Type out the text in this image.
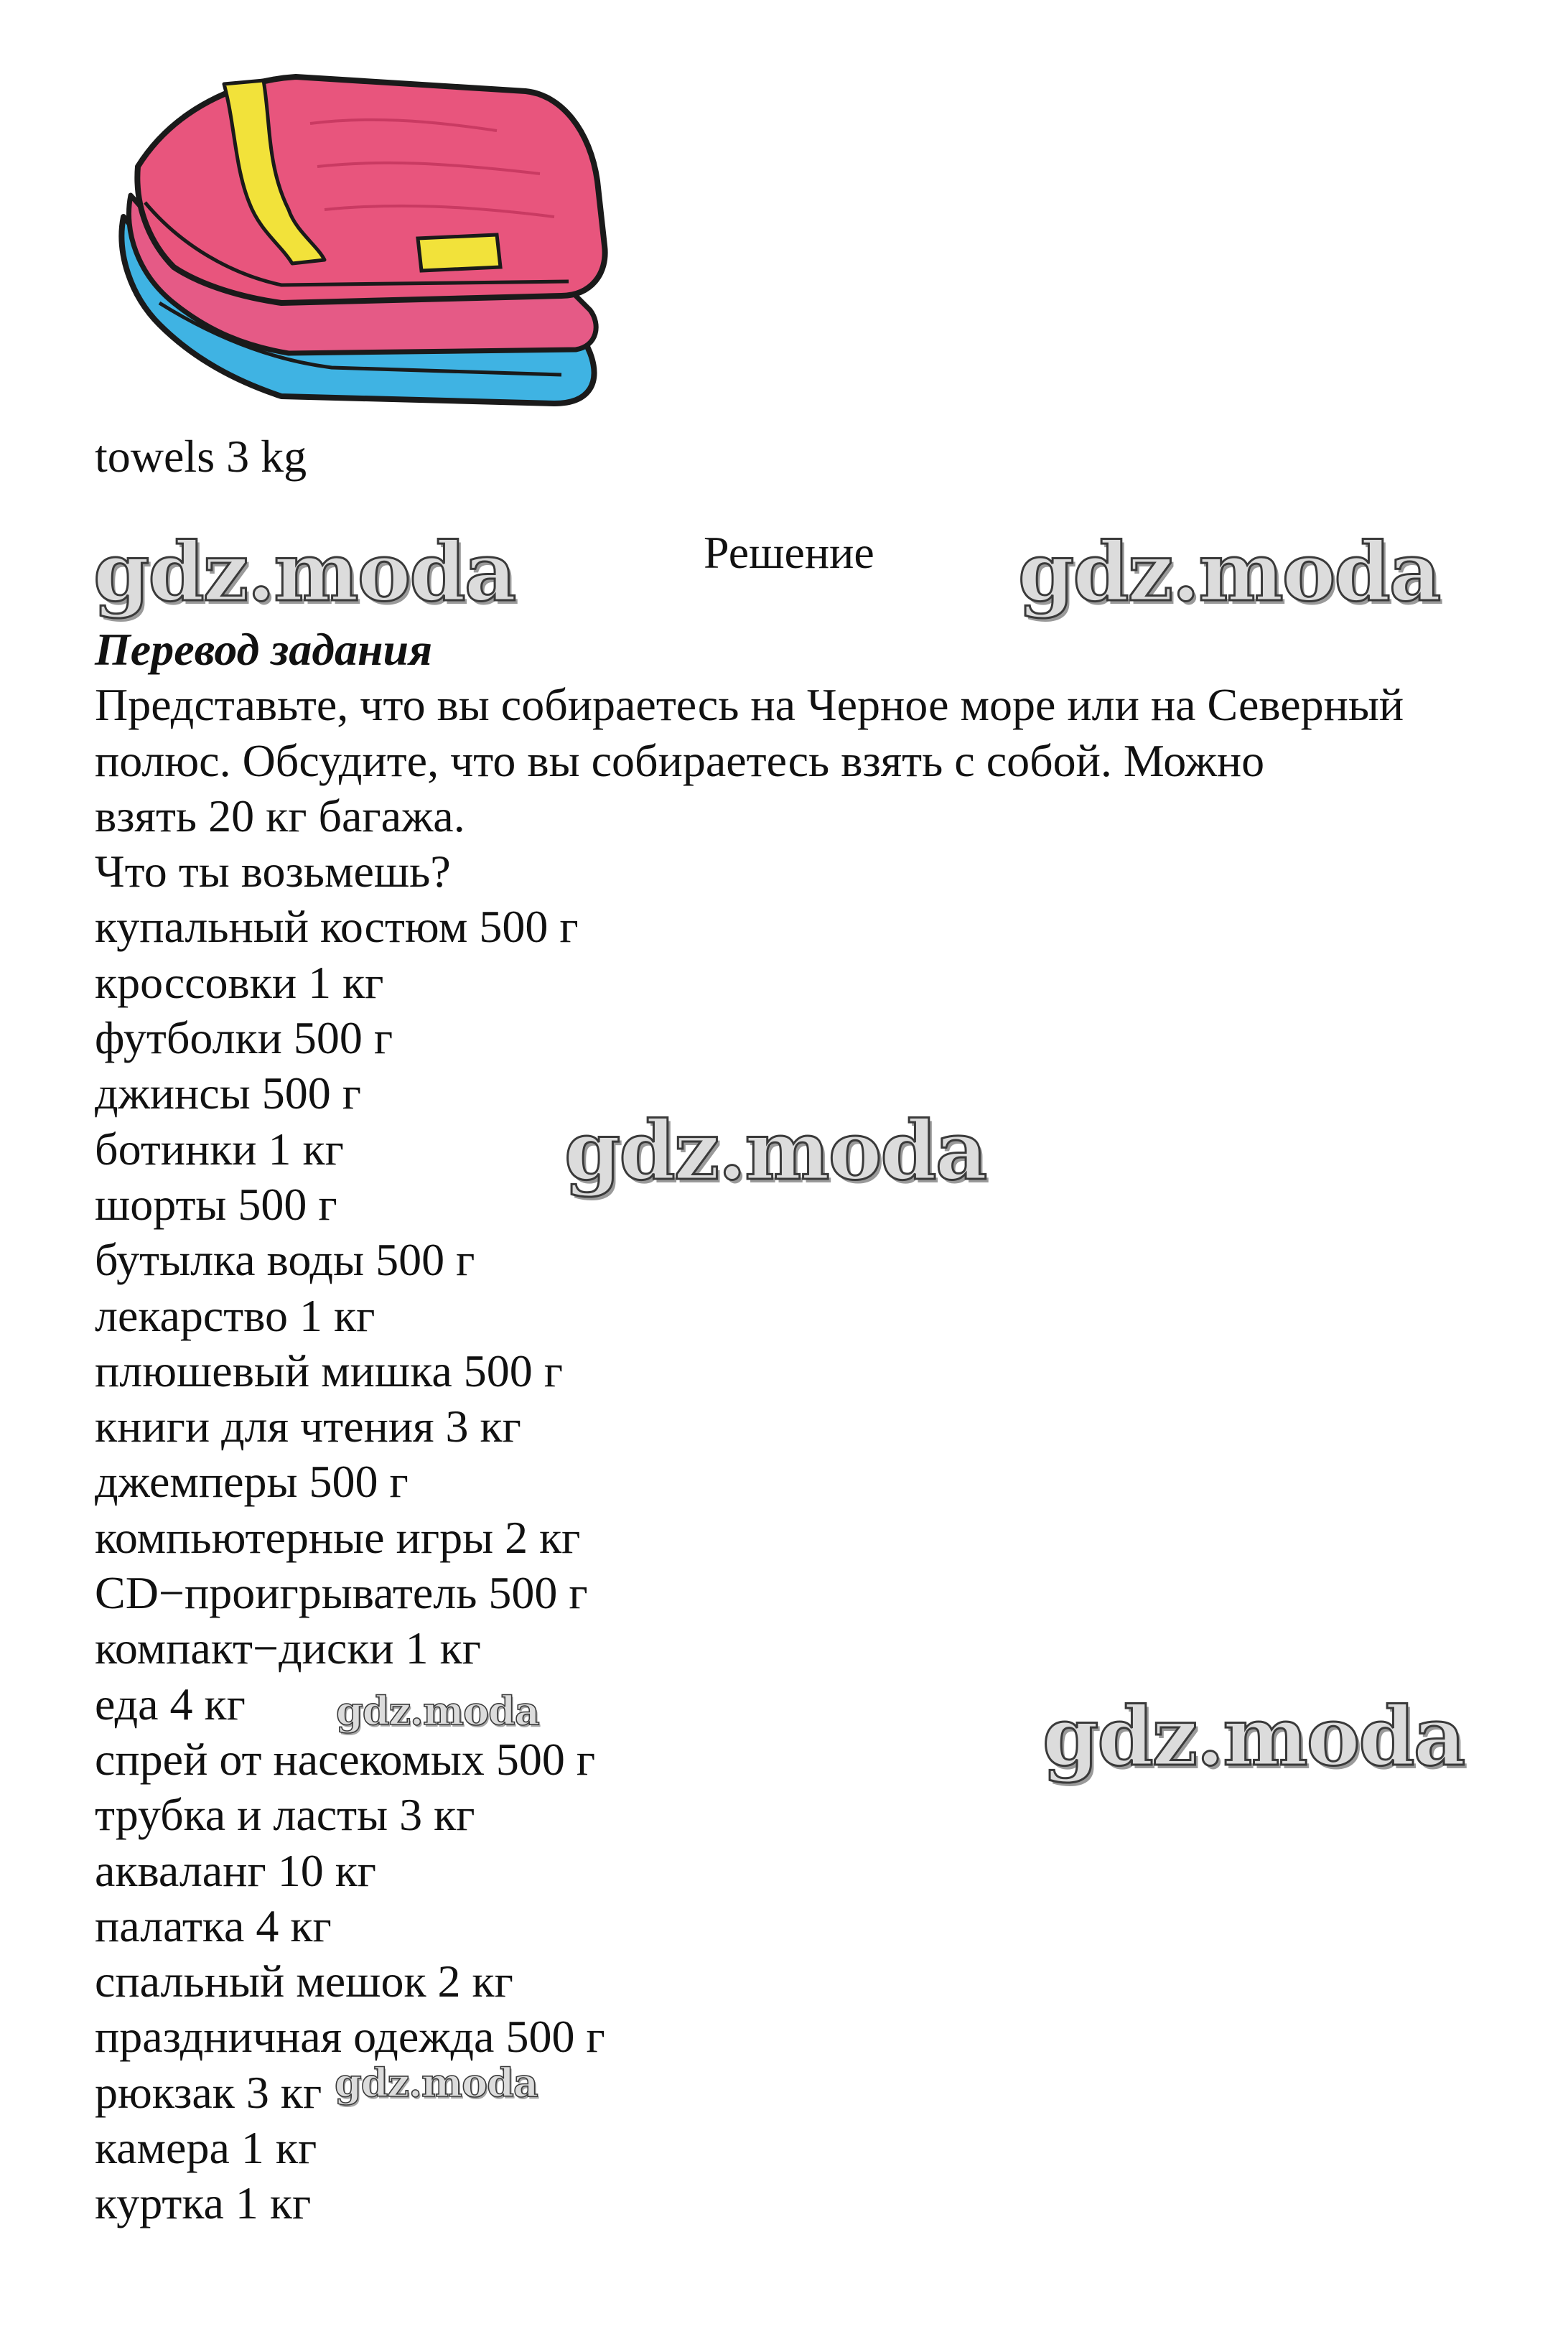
towels 3 kg
gdz.moda	gdz.moda
gdz.moda
gdz.moda
gdz.moda
gdz.moda
Решение

Перевод задания

Представьте, что вы собираетесь на Черное море или на Северный

полюс. Обсудите, что вы собираетесь взять с собой. Можно

взять 20 кг багажа.

Что ты возьмешь?

купальный костюм 500 г
кроссовки 1 кг
футболки 500 г
джинсы 500 г
ботинки 1 кг
шорты 500 г
бутылка воды 500 г
лекарство 1 кг
плюшевый мишка 500 г
книги для чтения 3 кг
джемперы 500 г
компьютерные игры 2 кг
CD−проигрыватель 500 г
компакт−диски 1 кг
еда 4 кг
спрей от насекомых 500 г
трубка и ласты 3 кг
акваланг 10 кг
палатка 4 кг
спальный мешок 2 кг
праздничная одежда 500 г
рюкзак 3 кг
камера 1 кг
куртка 1 кг
